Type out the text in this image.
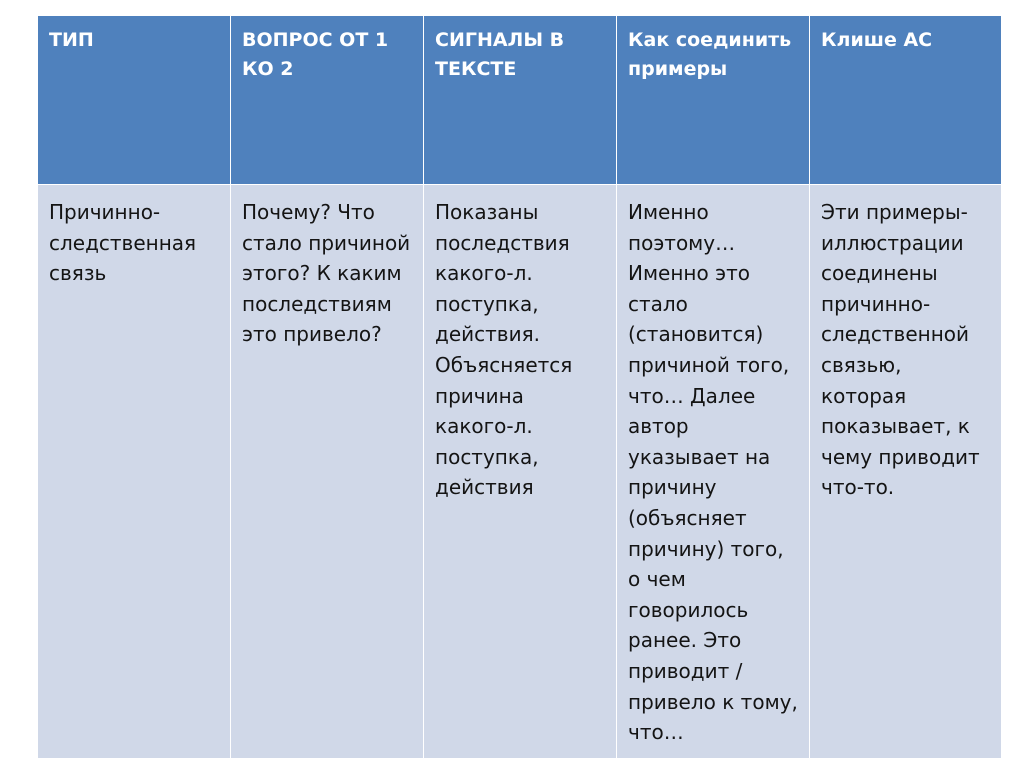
ТИП	ВОПРОС ОТ 1 КО 2	СИГНАЛЫ В ТЕКСТЕ	Как соединить примеры	Клише АС
Причинно-следственная связь	Почему? Что стало причиной этого? К каким последствиям это привело?	Показаны последствия какого-л. поступка, действия. Объясняется причина какого-л. поступка, действия	Именно поэтому… Именно это стало (становится) причиной того, что… Далее автор указывает на причину (объясняет причину) того, о чем говорилось ранее. Это приводит / привело к тому, что…	Эти примеры-иллюстрации соединены причинно-следственной связью, которая показывает, к чему приводит что-то.
